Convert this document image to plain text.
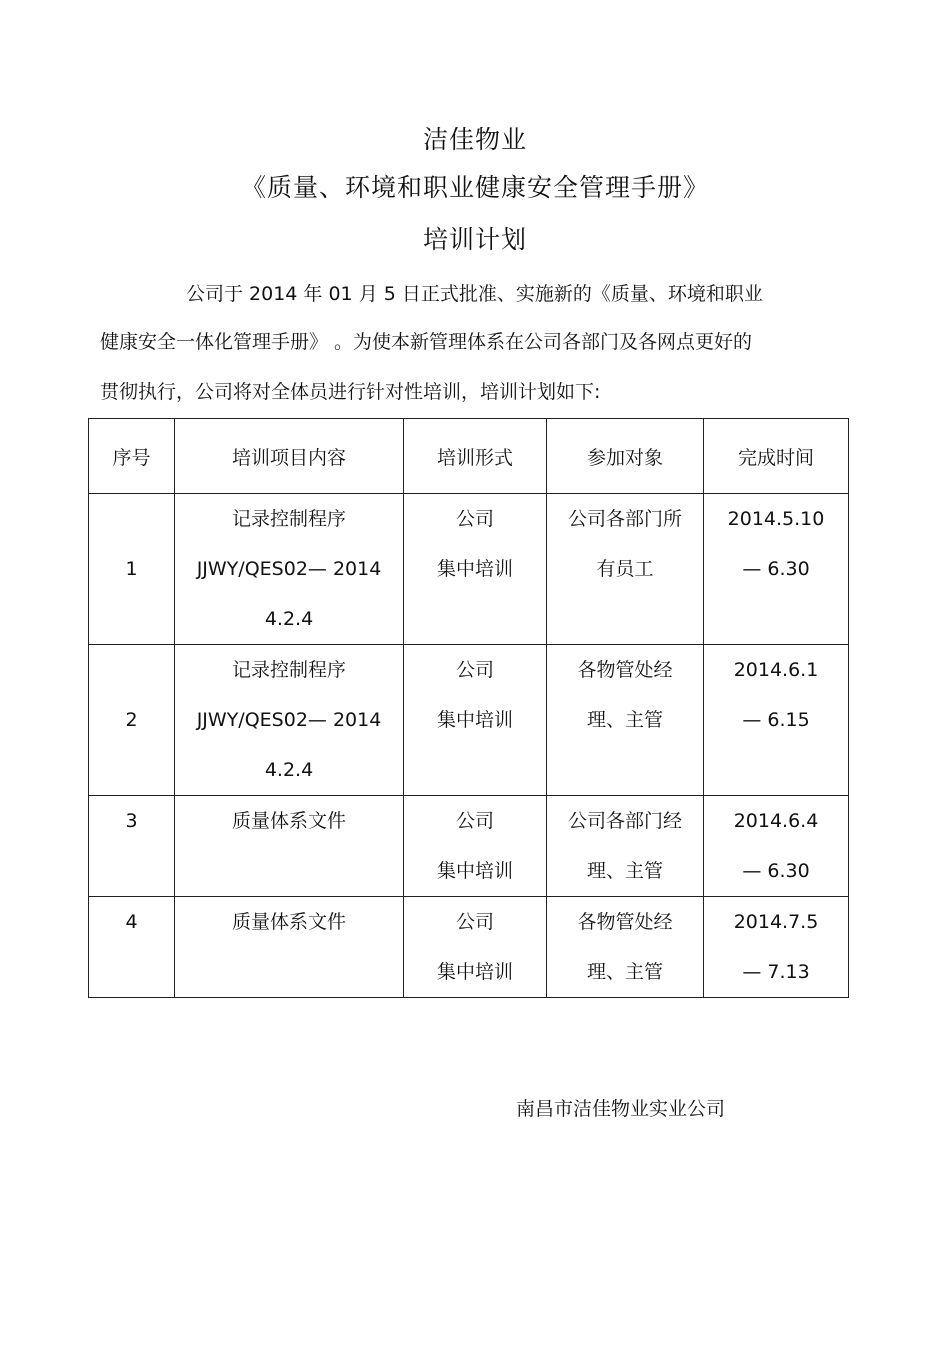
洁佳物业
《质量、环境和职业健康安全管理手册》
培训计划
公司于 2014 年 01 月 5 日正式批准、实施新的《质量、环境和职业
健康安全一体化管理手册》 。为使本新管理体系在公司各部门及各网点更好的
贯彻执行，公司将对全体员进行针对性培训，培训计划如下:
序号	培训项目内容	培训形式	参加对象	完成时间

1	记录控制程序
JJWY/QES02— 2014
4.2.4	公司
集中培训	公司各部门所
有员工	2014.5.10
— 6.30

2	记录控制程序
JJWY/QES02— 2014
4.2.4	公司
集中培训	各物管处经
理、主管	2014.6.1
— 6.15

3	质量体系文件	公司
集中培训	公司各部门经
理、主管	2014.6.4
— 6.30

4	质量体系文件	公司
集中培训	各物管处经
理、主管	2014.7.5
— 7.13
南昌市洁佳物业实业公司
